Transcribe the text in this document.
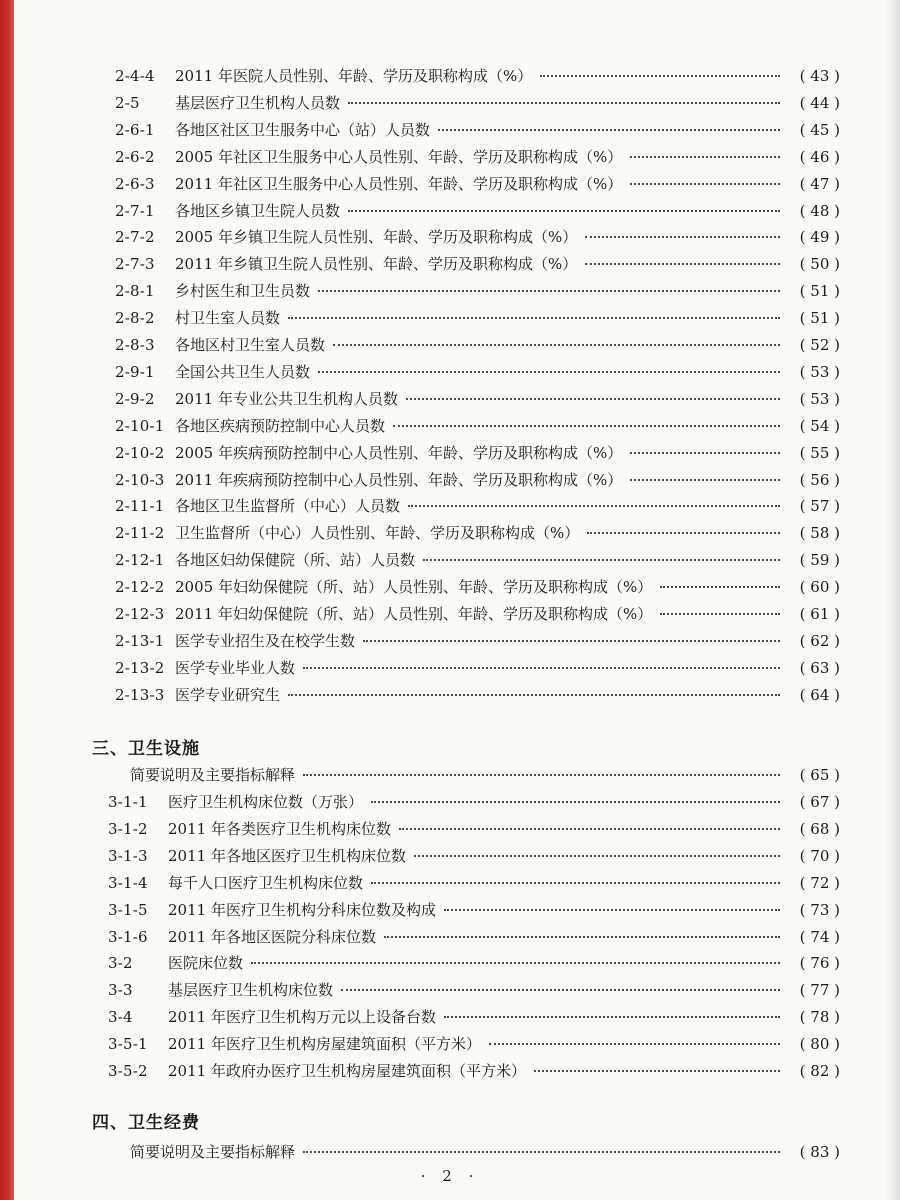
2-4-4	2011 年医院人员性别、年龄、学历及职称构成（%）	( 43 )
2-5	基层医疗卫生机构人员数	( 44 )
2-6-1	各地区社区卫生服务中心（站）人员数	( 45 )
2-6-2	2005 年社区卫生服务中心人员性别、年龄、学历及职称构成（%）	( 46 )
2-6-3	2011 年社区卫生服务中心人员性别、年龄、学历及职称构成（%）	( 47 )
2-7-1	各地区乡镇卫生院人员数	( 48 )
2-7-2	2005 年乡镇卫生院人员性别、年龄、学历及职称构成（%）	( 49 )
2-7-3	2011 年乡镇卫生院人员性别、年龄、学历及职称构成（%）	( 50 )
2-8-1	乡村医生和卫生员数	( 51 )
2-8-2	村卫生室人员数	( 51 )
2-8-3	各地区村卫生室人员数	( 52 )
2-9-1	全国公共卫生人员数	( 53 )
2-9-2	2011 年专业公共卫生机构人员数	( 53 )
2-10-1 各地区疾病预防控制中心人员数	( 54 )
2-10-2 2005 年疾病预防控制中心人员性别、年龄、学历及职称构成（%）	( 55 )
2-10-3 2011 年疾病预防控制中心人员性别、年龄、学历及职称构成（%）	( 56 )
2-11-1 各地区卫生监督所（中心）人员数	( 57 )
2-11-2 卫生监督所（中心）人员性别、年龄、学历及职称构成（%）	( 58 )
2-12-1 各地区妇幼保健院（所、站）人员数	( 59 )
2-12-2 2005 年妇幼保健院（所、站）人员性别、年龄、学历及职称构成（%）	( 60 )
2-12-3 2011 年妇幼保健院（所、站）人员性别、年龄、学历及职称构成（%）	( 61 )
2-13-1 医学专业招生及在校学生数	( 62 )
2-13-2 医学专业毕业人数	( 63 )
2-13-3 医学专业研究生	( 64 )
三、卫生设施
简要说明及主要指标解释	( 65 )
3-1-1	医疗卫生机构床位数（万张）	( 67 )
3-1-2	2011 年各类医疗卫生机构床位数	( 68 )
3-1-3	2011 年各地区医疗卫生机构床位数	( 70 )
3-1-4	每千人口医疗卫生机构床位数	( 72 )
3-1-5	2011 年医疗卫生机构分科床位数及构成	( 73 )
3-1-6	2011 年各地区医院分科床位数	( 74 )
3-2	医院床位数	( 76 )
3-3	基层医疗卫生机构床位数	( 77 )
3-4	2011 年医疗卫生机构万元以上设备台数	( 78 )
3-5-1	2011 年医疗卫生机构房屋建筑面积（平方米）	( 80 )
3-5-2	2011 年政府办医疗卫生机构房屋建筑面积（平方米）	( 82 )
四、卫生经费
简要说明及主要指标解释	( 83 )
· 2 ·
